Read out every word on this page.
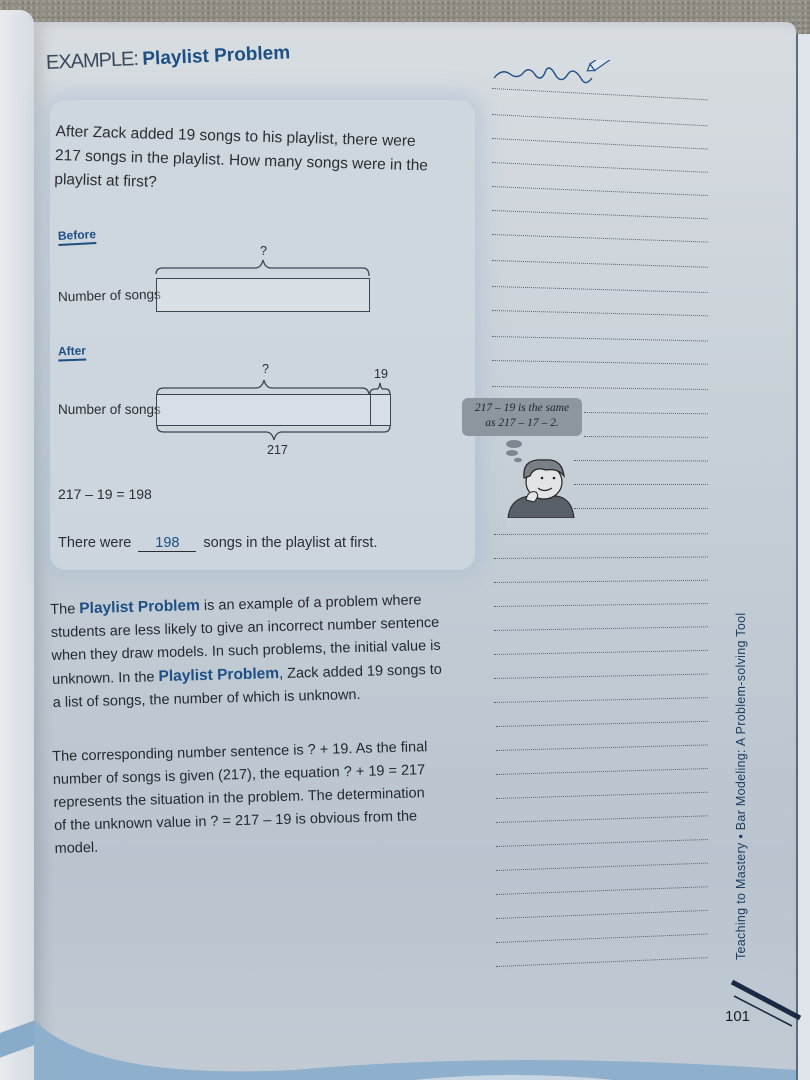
EXAMPLE: Playlist Problem
After Zack added 19 songs to his playlist, there were
217 songs in the playlist. How many songs were in the
playlist at first?
Before
?
Number of songs
After
?	19
Number of songs
217
217 – 19 = 198
There were 198 songs in the playlist at first.
The Playlist Problem is an example of a problem where
students are less likely to give an incorrect number sentence
when they draw models. In such problems, the initial value is
unknown. In the Playlist Problem, Zack added 19 songs to
a list of songs, the number of which is unknown.
The corresponding number sentence is ? + 19. As the final
number of songs is given (217), the equation ? + 19 = 217
represents the situation in the problem. The determination
of the unknown value in ? = 217 – 19 is obvious from the
model.
217 – 19 is the same
as 217 – 17 – 2.
Teaching to Mastery • Bar Modeling: A Problem-solving Tool
101
